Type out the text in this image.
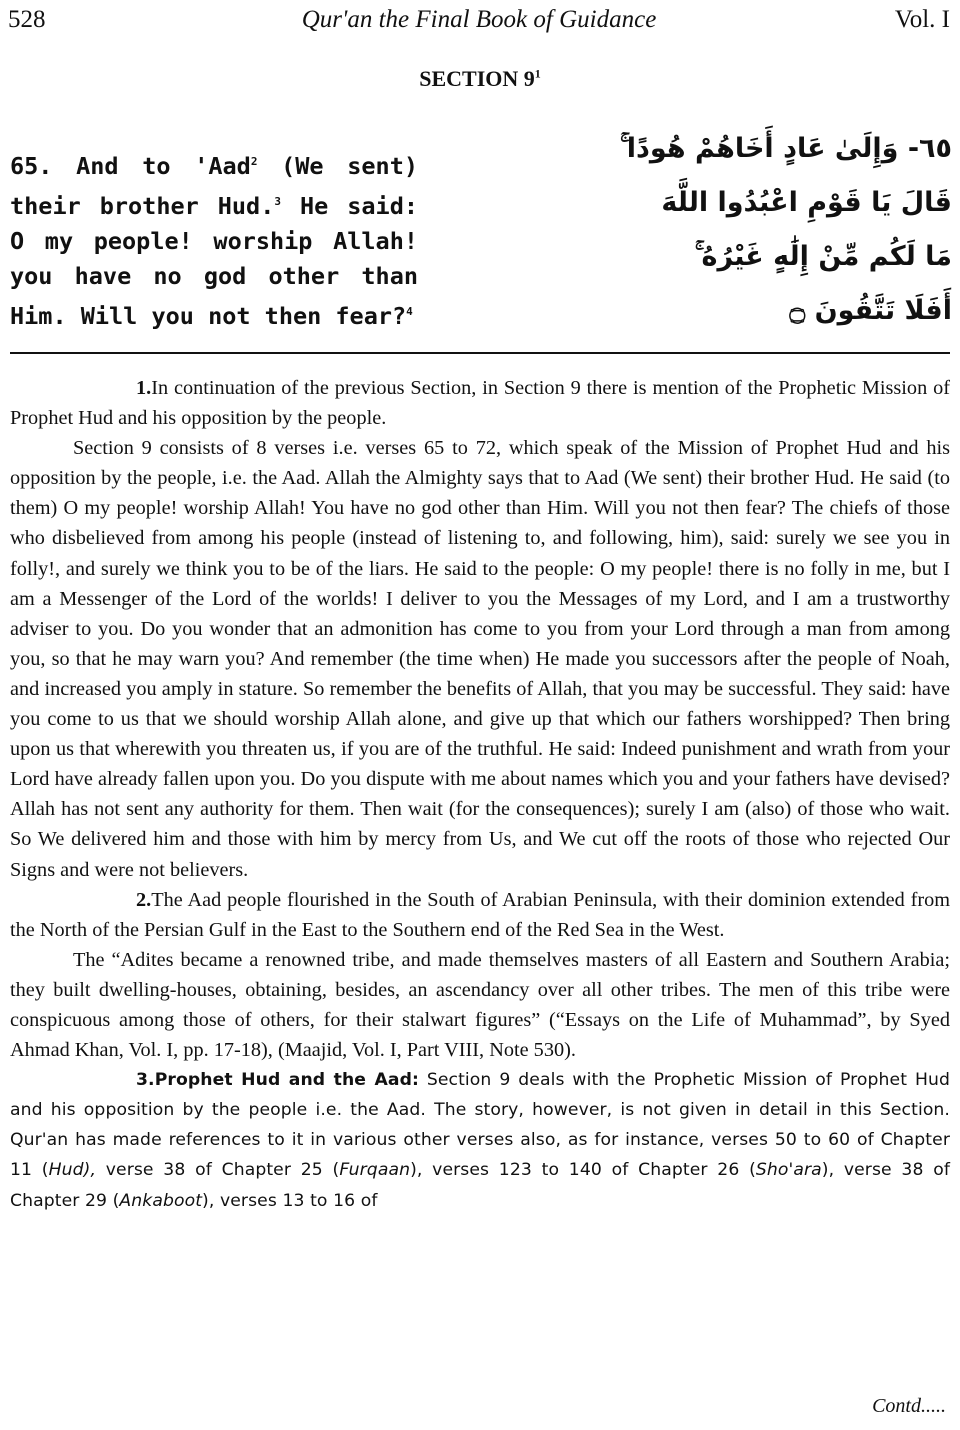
528	Qur'an the Final Book of Guidance	Vol. I
SECTION $9^1$
65. And to 'Aad$^2$ (We sent) their brother Hud.$^3$ He said: O my people! worship Allah! you have no god other than Him. Will you not then fear?$^4$
٦٥- وَإِلَىٰ عَادٍ أَخَاهُمْ هُودًا ۚ
قَالَ يَا قَوْمِ اعْبُدُوا اللَّهَ
مَا لَكُم مِّنْ إِلَٰهٍ غَيْرُهُ ۚ
أَفَلَا تَتَّقُونَ ۝

1.In continuation of the previous Section, in Section 9 there is mention of the Prophetic Mission of Prophet Hud and his opposition by the people.

Section 9 consists of 8 verses i.e. verses 65 to 72, which speak of the Mission of Prophet Hud and his opposition by the people, i.e. the Aad. Allah the Almighty says that to Aad (We sent) their brother Hud. He said (to them) O my people! worship Allah! You have no god other than Him. Will you not then fear? The chiefs of those who disbelieved from among his people (instead of listening to, and following, him), said: surely we see you in folly!, and surely we think you to be of the liars. He said to the people: O my people! there is no folly in me, but I am a Messenger of the Lord of the worlds! I deliver to you the Messages of my Lord, and I am a trustworthy adviser to you. Do you wonder that an admonition has come to you from your Lord through a man from among you, so that he may warn you? And remember (the time when) He made you successors after the people of Noah, and increased you amply in stature. So remember the benefits of Allah, that you may be successful. They said: have you come to us that we should worship Allah alone, and give up that which our fathers worshipped? Then bring upon us that wherewith you threaten us, if you are of the truthful. He said: Indeed punishment and wrath from your Lord have already fallen upon you. Do you dispute with me about names which you and your fathers have devised? Allah has not sent any authority for them. Then wait (for the consequences); surely I am (also) of those who wait. So We delivered him and those with him by mercy from Us, and We cut off the roots of those who rejected Our Signs and were not believers.

2.The Aad people flourished in the South of Arabian Peninsula, with their dominion extended from the North of the Persian Gulf in the East to the Southern end of the Red Sea in the West.

The “Adites became a renowned tribe, and made themselves masters of all Eastern and Southern Arabia; they built dwelling-houses, obtaining, besides, an ascendancy over all other tribes. The men of this tribe were conspicuous among those of others, for their stalwart figures” (“Essays on the Life of Muhammad”, by Syed Ahmad Khan, Vol. I, pp. 17-18), (Maajid, Vol. I, Part VIII, Note 530).

3.Prophet Hud and the Aad: Section 9 deals with the Prophetic Mission of Prophet Hud and his opposition by the people i.e. the Aad. The story, however, is not given in detail in this Section. Qur'an has made references to it in various other verses also, as for instance, verses 50 to 60 of Chapter 11 (Hud), verse 38 of Chapter 25 (Furqaan), verses 123 to 140 of Chapter 26 (Sho'ara), verse 38 of Chapter 29 (Ankaboot), verses 13 to 16 of

Contd.....
